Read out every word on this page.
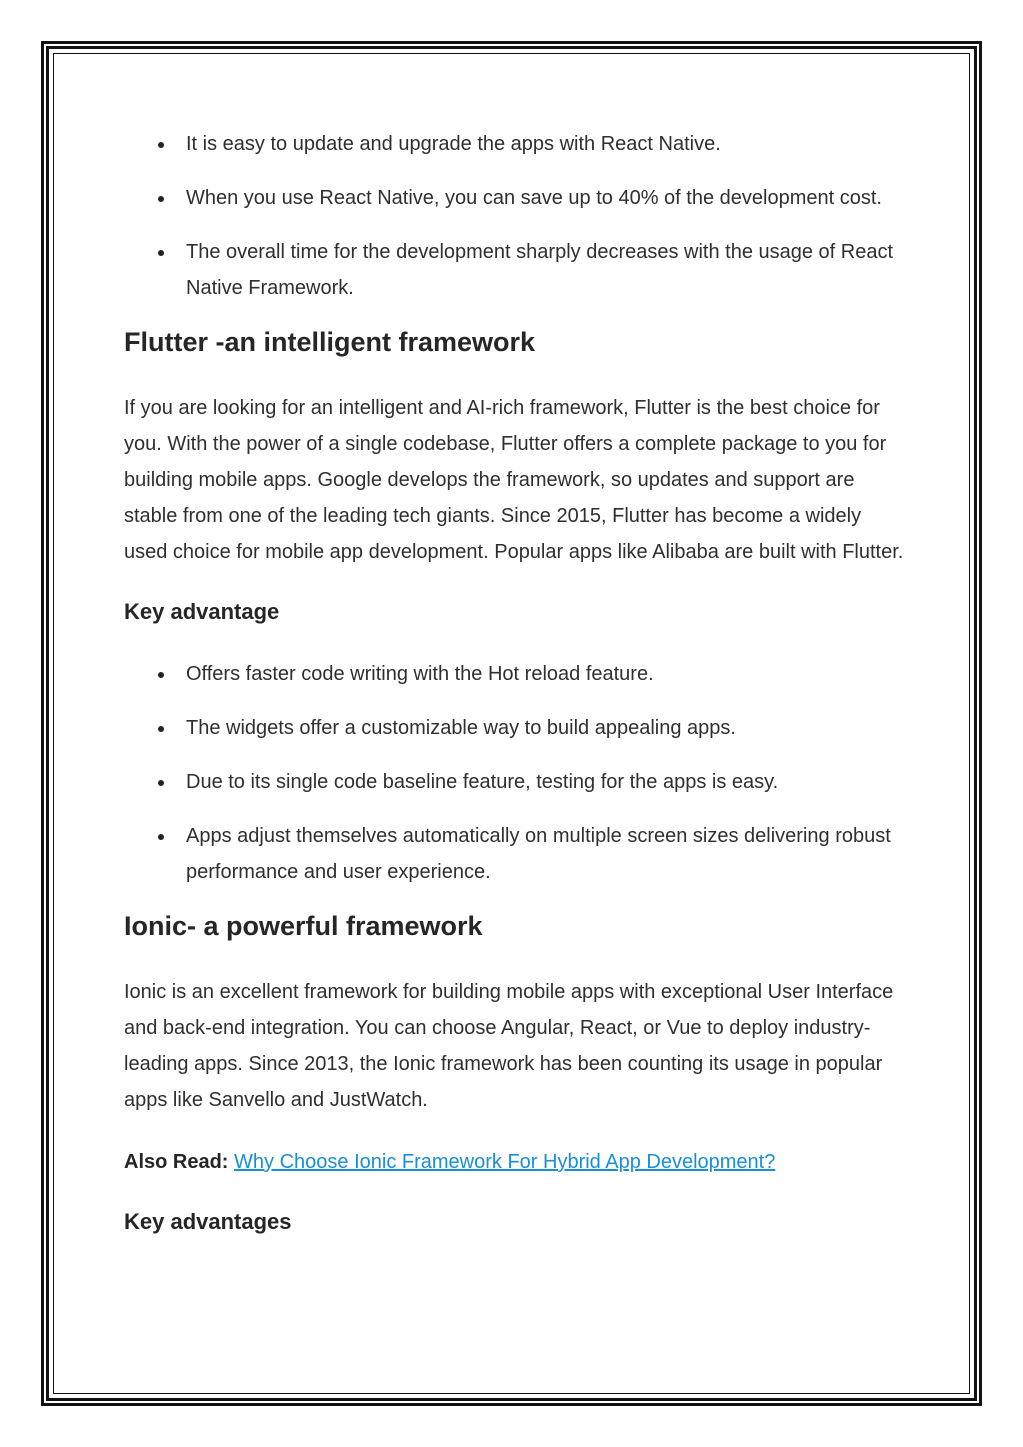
It is easy to update and upgrade the apps with React Native.
When you use React Native, you can save up to 40% of the development cost.
The overall time for the development sharply decreases with the usage of React Native Framework.
Flutter -an intelligent framework

If you are looking for an intelligent and AI-rich framework, Flutter is the best choice for you. With the power of a single codebase, Flutter offers a complete package to you for building mobile apps. Google develops the framework, so updates and support are stable from one of the leading tech giants. Since 2015, Flutter has become a widely used choice for mobile app development. Popular apps like Alibaba are built with Flutter.

Key advantage
Offers faster code writing with the Hot reload feature.
The widgets offer a customizable way to build appealing apps.
Due to its single code baseline feature, testing for the apps is easy.
Apps adjust themselves automatically on multiple screen sizes delivering robust performance and user experience.
Ionic- a powerful framework

Ionic is an excellent framework for building mobile apps with exceptional User Interface and back-end integration. You can choose Angular, React, or Vue to deploy industry-leading apps. Since 2013, the Ionic framework has been counting its usage in popular apps like Sanvello and JustWatch.

Also Read: Why Choose Ionic Framework For Hybrid App Development?

Key advantages
